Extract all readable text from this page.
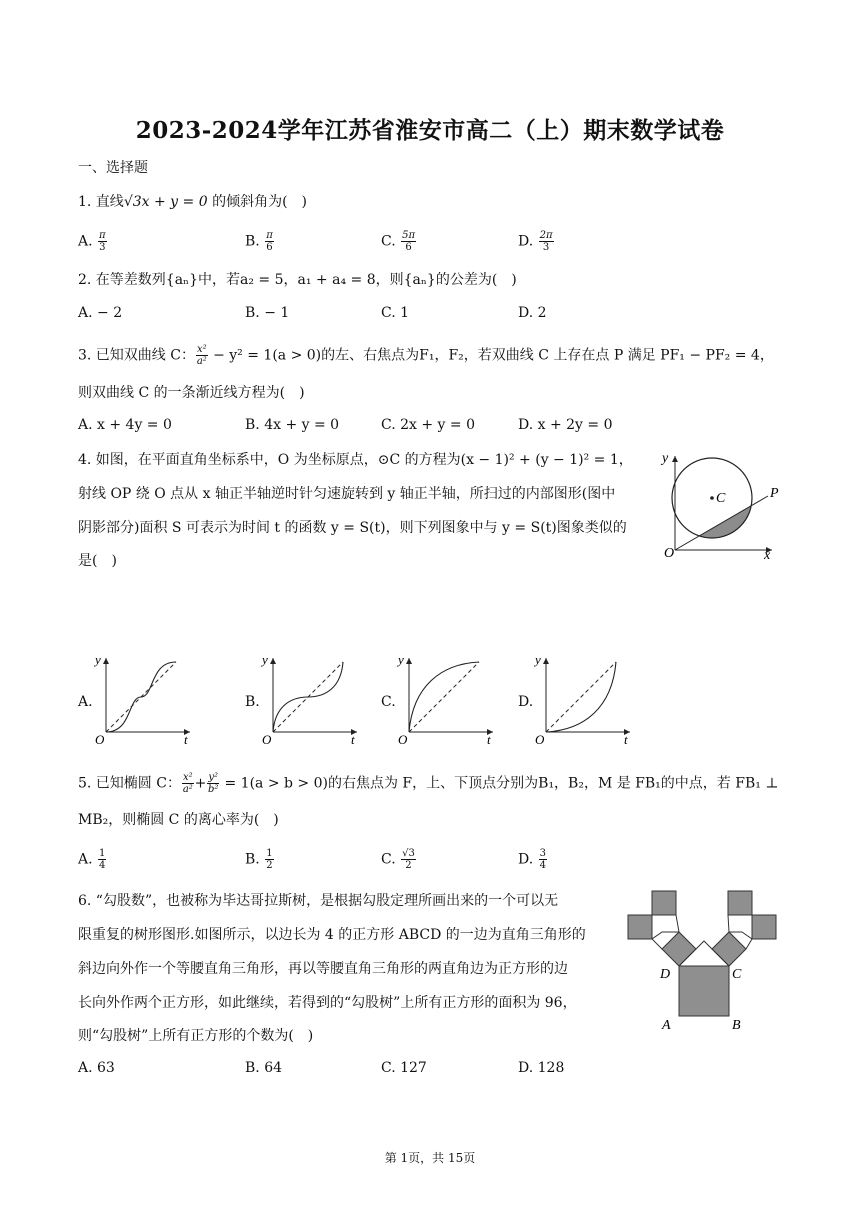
2023-2024学年江苏省淮安市高二（上）期末数学试卷
一、选择题
1. 直线√3x + y = 0 的倾斜角为(　)
A. $\frac{\pi}{3}$	B. $\frac{\pi}{6}$	C. $\frac{5\pi}{6}$	D. $\frac{2\pi}{3}$
2. 在等差数列{aₙ}中，若a₂ = 5，a₁ + a₄ = 8，则{aₙ}的公差为(　)
A. − 2	B. − 1	C. 1	D. 2
3. 已知双曲线 C： $\frac{\text{x²}}{\text{a²}} - y^2 = 1(a > 0)$的左、右焦点为F₁，F₂，若双曲线 C 上存在点 P 满足 PF₁ − PF₂ = 4，
则双曲线 C 的一条渐近线方程为(　)
A. x + 4y = 0	B. 4x + y = 0	C. 2x + y = 0	D. x + 2y = 0
4. 如图，在平面直角坐标系中，O 为坐标原点，⊙C 的方程为(x − 1)² + (y − 1)² = 1，
射线 OP 绕 O 点从 x 轴正半轴逆时针匀速旋转到 y 轴正半轴，所扫过的内部图形(图中
阴影部分)面积 S 可表示为时间 t 的函数 y = S(t)，则下列图象中与 y = S(t)图象类似的
是(　)
y
C	P
O	x
A.	B.	C.	D.
y
O	t
y
O	t
y
O	t
y
O	t
5. 已知椭圆 C： $\frac{\text{x²}}{\text{a²}} + \frac{\text{y²}}{\text{b²}} = 1(a > b > 0)$的右焦点为 F，上、下顶点分别为B₁，B₂，M 是 FB₁的中点，若 FB₁ ⊥
MB₂，则椭圆 C 的离心率为(　)
A. $\frac{1}{4}$	B. $\frac{1}{2}$	C. $\frac{√3}{2}$	D. $\frac{3}{4}$
6. “勾股数”，也被称为毕达哥拉斯树，是根据勾股定理所画出来的一个可以无
限重复的树形图形.如图所示，以边长为 4 的正方形 ABCD 的一边为直角三角形的
斜边向外作一个等腰直角三角形，再以等腰直角三角形的两直角边为正方形的边
长向外作两个正方形，如此继续，若得到的“勾股树”上所有正方形的面积为 96，
则“勾股树”上所有正方形的个数为(　)
D	C
A	B
A. 63	B. 64	C. 127	D. 128
第 1页，共 15页
